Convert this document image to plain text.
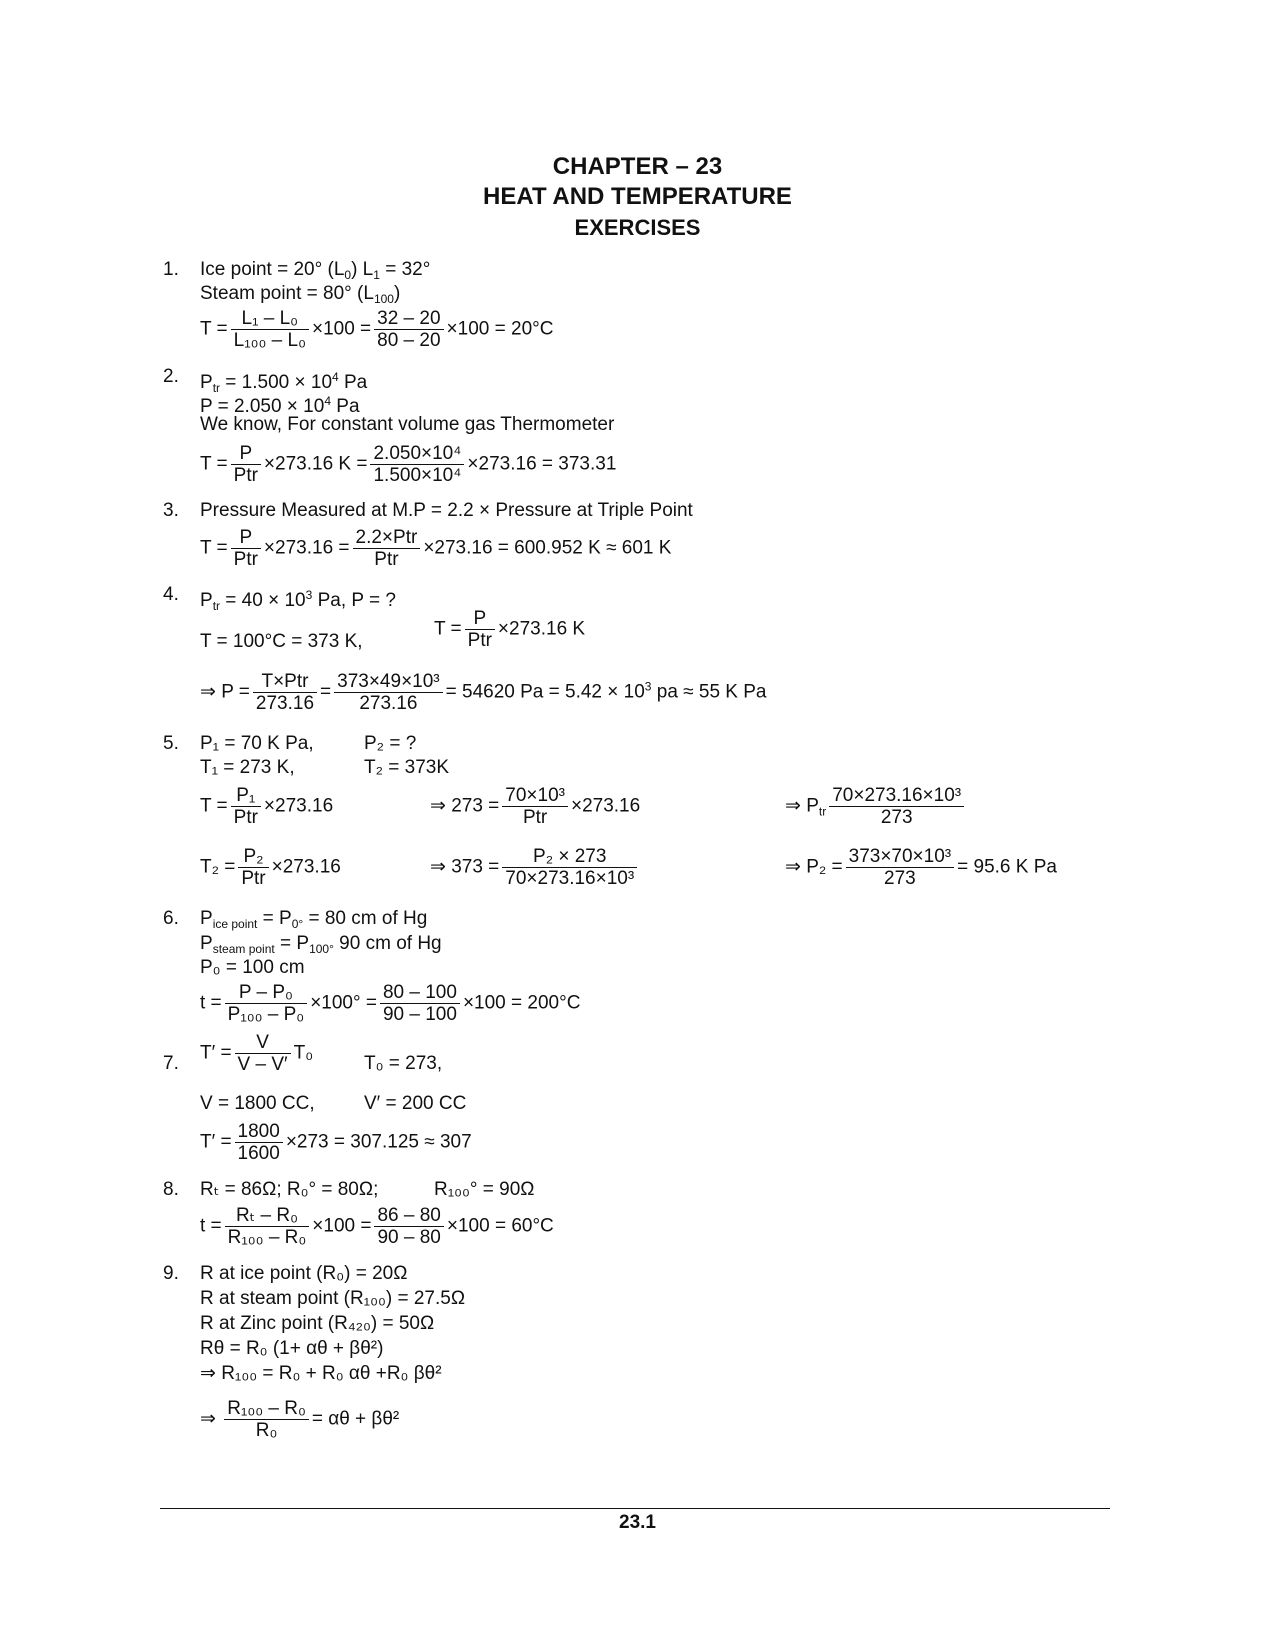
CHAPTER – 23
HEAT AND TEMPERATURE
EXERCISES
1. Ice point = 20° $(L_0) L_1 = 32^\circ$
Steam point = 80° $(L_{100})$
$T = \frac{\text{L₁ – L₀}}{\text{L₁₀₀ – L₀}} \times 100 = \frac{32 - 20}{80 - 20} \times 100 = 20^\circ C$
2. $P_{tr} = 1.500 \times 10^4$ Pa
$P = 2.050 \times 10^4$ Pa
We know, For constant volume gas Thermometer
$T = \frac{P}{\text{Ptr}} \times 273.16$ $K = \frac{\text{2.050×10⁴}}{\text{1.500×10⁴}} \times 273.16 = 373.31$
3. Pressure Measured at M.P = 2.2 × Pressure at Triple Point
$T = \frac{P}{\text{Ptr}} \times 273.16 = \frac{\text{2.2×Ptr}}{\text{Ptr}} \times 273.16 = 600.952$ K ≈ 601 K
4. $P_{tr} = 40 \times 10^3$ Pa, P = ?
T = 100°C = 373 K,
$T = \frac{P}{\text{Ptr}} \times 273.16$ K
⇒ $P = \frac{\text{T×Ptr}}{273.16} = \frac{\text{373×49×10³}}{273.16} = 54620$ $Pa = 5.42 \times 10^3$ pa ≈ 55 K Pa
5. P₁ = 70 K Pa,	P₂ = ?
T₁ = 273 K,	T₂ = 373K
$T = \frac{\text{P₁}}{\text{Ptr}} \times 273.16$	⇒ $273 = \frac{\text{70×10³}}{\text{Ptr}} \times 273.16$	⇒ $P_{tr} \frac{\text{70×273.16×10³}}{273}$
$T_2 = \frac{\text{P₂}}{\text{Ptr}} \times 273.16$	⇒ $373 = \frac{\text{P₂ × 273}}{\text{70×273.16×10³}}$	⇒ $P_2 = \frac{\text{373×70×10³}}{273} = 95.6$ K Pa
6. $P_{ice point} = P_{0^\circ} = 80$ cm of Hg
$P_{steam point} = P_{100^\circ}$ 90 cm of Hg
P₀ = 100 cm
$t = \frac{\text{P – P₀}}{\text{P₁₀₀ – P₀}} \times 100^\circ = \frac{80 - 100}{90 - 100} \times 100 = 200^\circ C$
7. $T' = \frac{V}{V - V'} T_0$	T₀ = 273,
V = 1800 CC,	V′ = 200 CC
$T' = \frac{1800}{1600} \times 273 = 307.125 \approx 307$
8. Rₜ = 86Ω; R₀° = 80Ω;	R₁₀₀° = 90Ω
$t = \frac{\text{Rₜ – R₀}}{\text{R₁₀₀ – R₀}} \times 100 = \frac{86 - 80}{90 - 80} \times 100 = 60^\circ C$
9. R at ice point (R₀) = 20Ω
R at steam point (R₁₀₀) = 27.5Ω
R at Zinc point (R₄₂₀) = 50Ω
Rθ = R₀ (1+ αθ + βθ²)
⇒ R₁₀₀ = R₀ + R₀ αθ +R₀ βθ²
⇒ $\frac{\text{R₁₀₀ – R₀}}{\text{R₀}} = \alpha\theta + \beta\theta^2$
23.1
